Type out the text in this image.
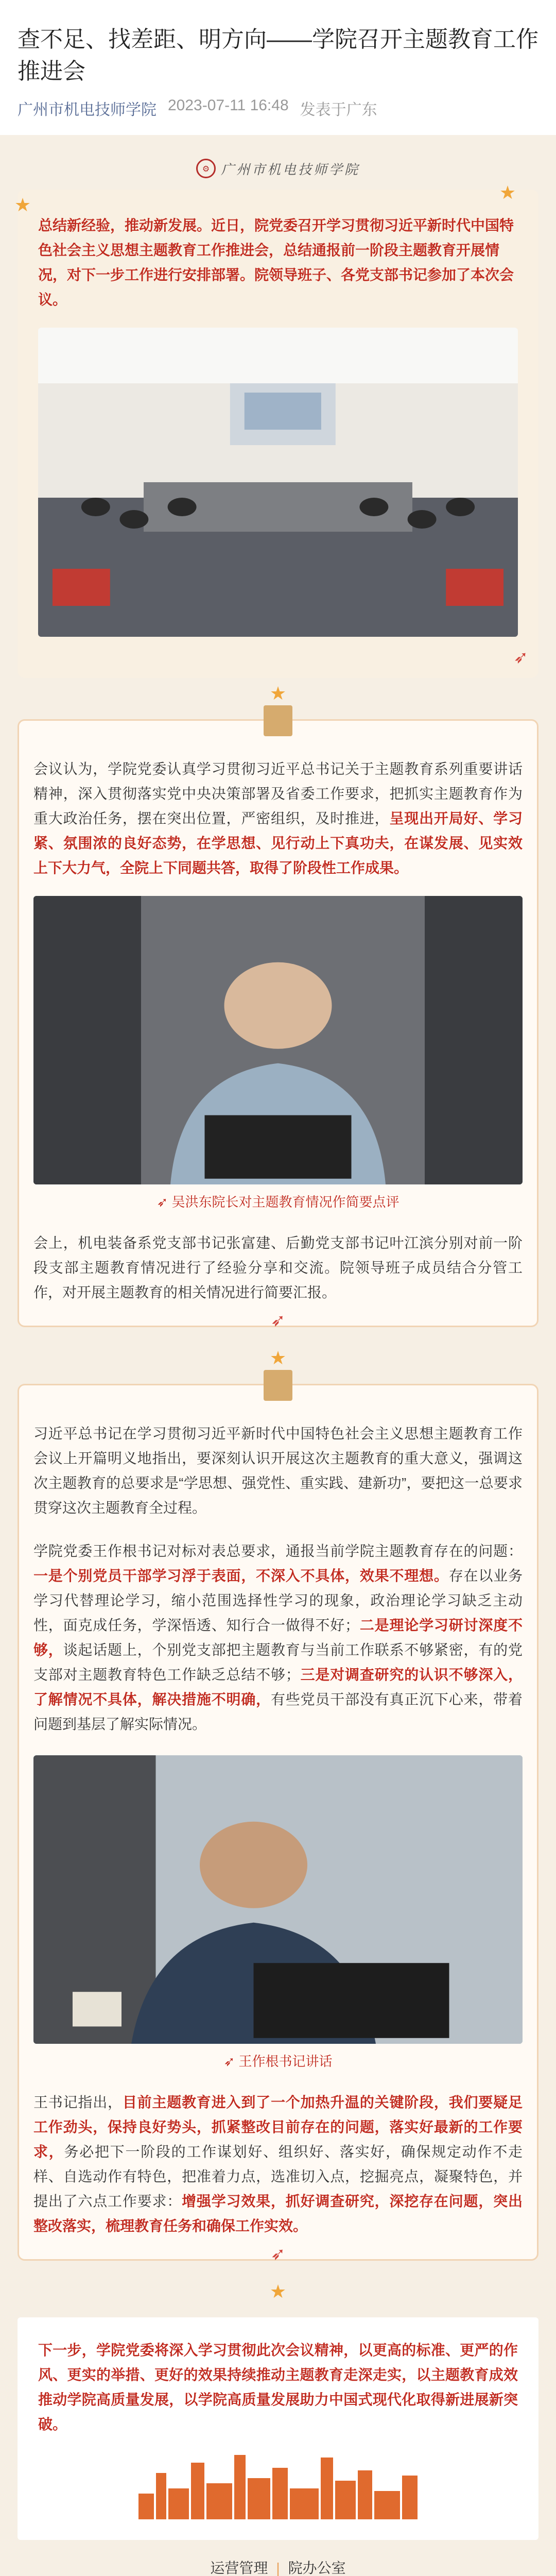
查不足、找差距、明方向——学院召开主题教育工作推进会
广州市机电技师学院 2023-07-11 16:48 发表于广东
⚙ 广州市机电技师学院
★
★

总结新经验，推动新发展。近日，院党委召开学习贯彻习近平新时代中国特色社会主义思想主题教育工作推进会，总结通报前一阶段主题教育开展情况，对下一步工作进行安排部署。院领导班子、各党支部书记参加了本次会议。

➶
★

会议认为，学院党委认真学习贯彻习近平总书记关于主题教育系列重要讲话精神，深入贯彻落实党中央决策部署及省委工作要求，把抓实主题教育作为重大政治任务，摆在突出位置，严密组织，及时推进，呈现出开局好、学习紧、氛围浓的良好态势，在学思想、见行动上下真功夫，在谋发展、见实效上下大力气，全院上下同题共答，取得了阶段性工作成果。

➶ 吴洪东院长对主题教育情况作简要点评

会上，机电装备系党支部书记张富建、后勤党支部书记叶江滨分别对前一阶段支部主题教育情况进行了经验分享和交流。院领导班子成员结合分管工作，对开展主题教育的相关情况进行简要汇报。

➶
★

习近平总书记在学习贯彻习近平新时代中国特色社会主义思想主题教育工作会议上开篇明义地指出，要深刻认识开展这次主题教育的重大意义，强调这次主题教育的总要求是“学思想、强党性、重实践、建新功”，要把这一总要求贯穿这次主题教育全过程。

学院党委王作根书记对标对表总要求，通报当前学院主题教育存在的问题：一是个别党员干部学习浮于表面，不深入不具体，效果不理想。存在以业务学习代替理论学习，缩小范围选择性学习的现象，政治理论学习缺乏主动性，面克成任务，学深悟透、知行合一做得不好；二是理论学习研讨深度不够，谈起话题上，个别党支部把主题教育与当前工作联系不够紧密，有的党支部对主题教育特色工作缺乏总结不够；三是对调查研究的认识不够深入，了解情况不具体，解决措施不明确，有些党员干部没有真正沉下心来，带着问题到基层了解实际情况。

➶ 王作根书记讲话

王书记指出，目前主题教育进入到了一个加热升温的关键阶段，我们要疑足工作劲头，保持良好势头，抓紧整改目前存在的问题，落实好最新的工作要求，务必把下一阶段的工作谋划好、组织好、落实好，确保规定动作不走样、自选动作有特色，把准着力点，选准切入点，挖掘亮点，凝聚特色，并提出了六点工作要求：增强学习效果，抓好调查研究，深挖存在问题，突出整改落实，梳理教育任务和确保工作实效。

➶
★

下一步，学院党委将深入学习贯彻此次会议精神，以更高的标准、更严的作风、更实的举措、更好的效果持续推动主题教育走深走实，以主题教育成效推动学院高质量发展，以学院高质量发展助力中国式现代化取得新进展新突破。

运营管理 | 院办公室
